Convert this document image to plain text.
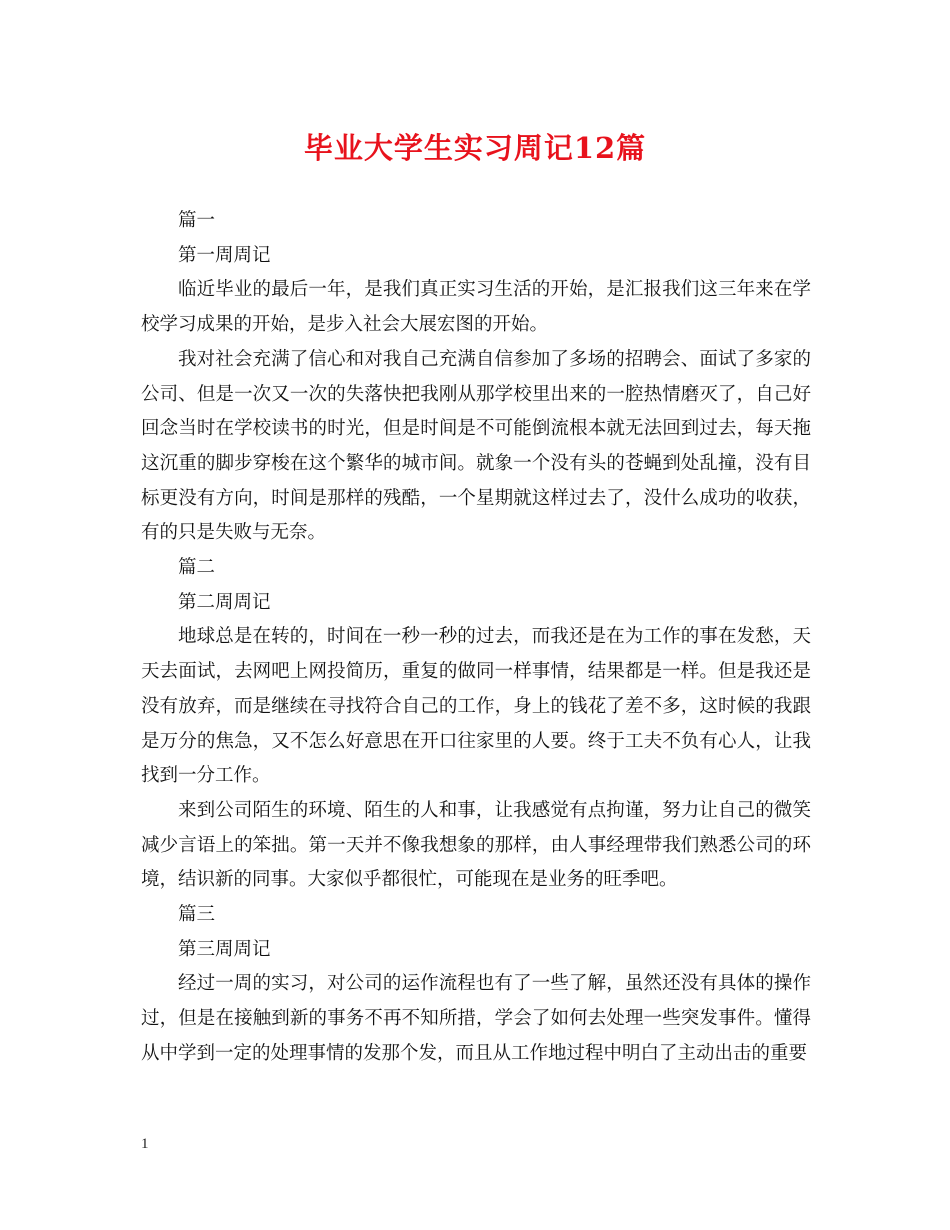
毕业大学生实习周记12篇

篇一

第一周周记

临近毕业的最后一年，是我们真正实习生活的开始，是汇报我们这三年来在学校学习成果的开始，是步入社会大展宏图的开始。

我对社会充满了信心和对我自己充满自信参加了多场的招聘会、面试了多家的公司、但是一次又一次的失落快把我刚从那学校里出来的一腔热情磨灭了，自己好回念当时在学校读书的时光，但是时间是不可能倒流根本就无法回到过去，每天拖这沉重的脚步穿梭在这个繁华的城市间。就象一个没有头的苍蝇到处乱撞，没有目标更没有方向，时间是那样的残酷，一个星期就这样过去了，没什么成功的收获，有的只是失败与无奈。

篇二

第二周周记

地球总是在转的，时间在一秒一秒的过去，而我还是在为工作的事在发愁，天天去面试，去网吧上网投简历，重复的做同一样事情，结果都是一样。但是我还是没有放弃，而是继续在寻找符合自己的工作，身上的钱花了差不多，这时候的我跟是万分的焦急，又不怎么好意思在开口往家里的人要。终于工夫不负有心人，让我找到一分工作。

来到公司陌生的环境、陌生的人和事，让我感觉有点拘谨，努力让自己的微笑减少言语上的笨拙。第一天并不像我想象的那样，由人事经理带我们熟悉公司的环境，结识新的同事。大家似乎都很忙，可能现在是业务的旺季吧。

篇三

第三周周记

经过一周的实习，对公司的运作流程也有了一些了解，虽然还没有具体的操作过，但是在接触到新的事务不再不知所措，学会了如何去处理一些突发事件。懂得从中学到一定的处理事情的发那个发，而且从工作地过程中明白了主动出击的重要

1
